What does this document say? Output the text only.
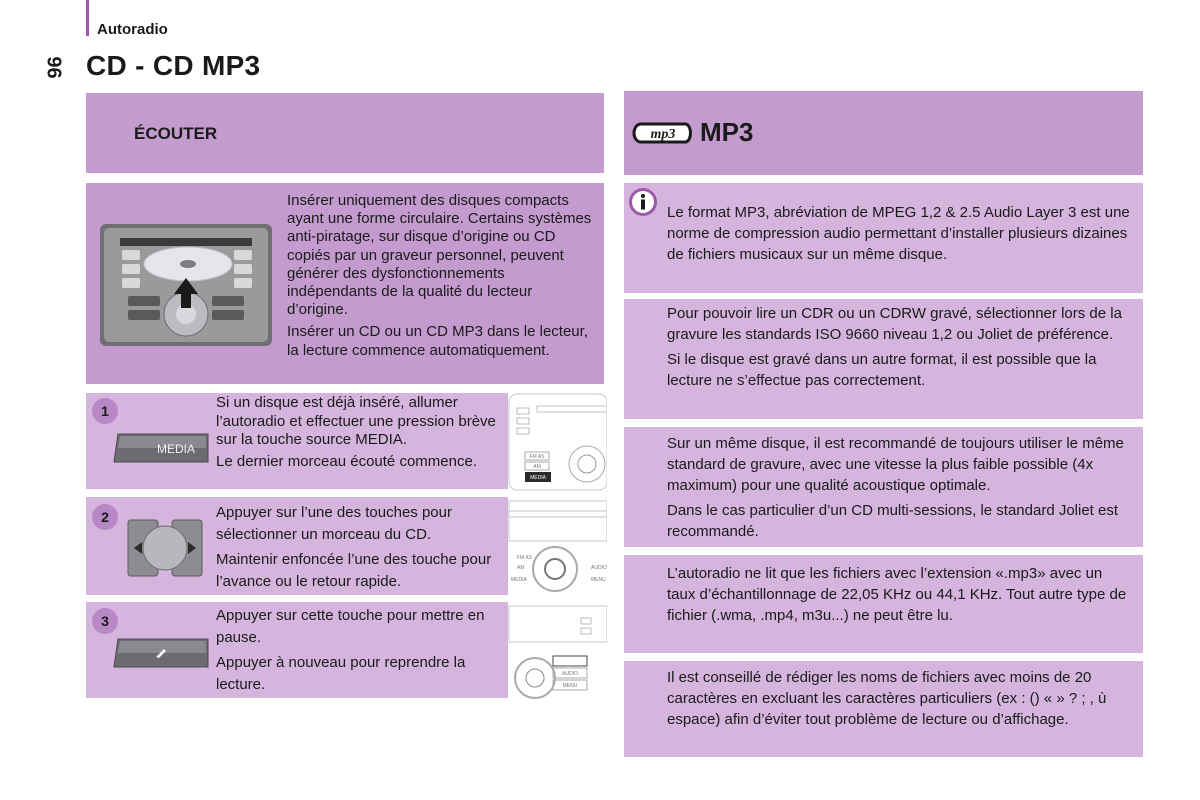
Autoradio
96 CD - CD MP3
ÉCOUTER

Insérer uniquement des disques compacts ayant une forme circulaire. Certains systèmes anti-piratage, sur disque d’origine ou CD copiés par un graveur personnel, peuvent générer des dysfonctionnements indépendants de la qualité du lecteur d’origine.

Insérer un CD ou un CD MP3 dans le lecteur, la lecture commence automatiquement.

1
MEDIA

Si un disque est déjà inséré, allumer l’autoradio et effectuer une pression brève sur la touche source MEDIA.

Le dernier morceau écouté commence.

2	Appuyer sur l’une des touches pour sélectionner un morceau du CD.

Maintenir enfoncée l’une des touche pour l’avance ou le retour rapide.

3	Appuyer sur cette touche pour mettre en pause.

Appuyer à nouveau pour reprendre la lecture.

FM AS
AM
MEDIA
FM AS
AM
MEDIA
AUDIO
MENU
AUDIO
MENU
mp3 MP3
Le format MP3, abréviation de MPEG 1,2 & 2.5 Audio Layer 3 est une norme de compression audio permettant d’installer plusieurs dizaines de fichiers musicaux sur un même disque.

Pour pouvoir lire un CDR ou un CDRW gravé, sélectionner lors de la gravure les standards ISO 9660 niveau 1,2 ou Joliet de préférence.

Si le disque est gravé dans un autre format, il est possible que la lecture ne s’effectue pas correctement.

Sur un même disque, il est recommandé de toujours utiliser le même standard de gravure, avec une vitesse la plus faible possible (4x maximum) pour une qualité acoustique optimale.

Dans le cas particulier d’un CD multi-sessions, le standard Joliet est recommandé.

L’autoradio ne lit que les fichiers avec l’extension «.mp3» avec un taux d’échantillonnage de 22,05 KHz ou 44,1 KHz. Tout autre type de fichier (.wma, .mp4, m3u...) ne peut être lu.
Il est conseillé de rédiger les noms de fichiers avec moins de 20 caractères en excluant les caractères particuliers (ex : () « » ? ; , ù espace) afin d’éviter tout problème de lecture ou d’affichage.
